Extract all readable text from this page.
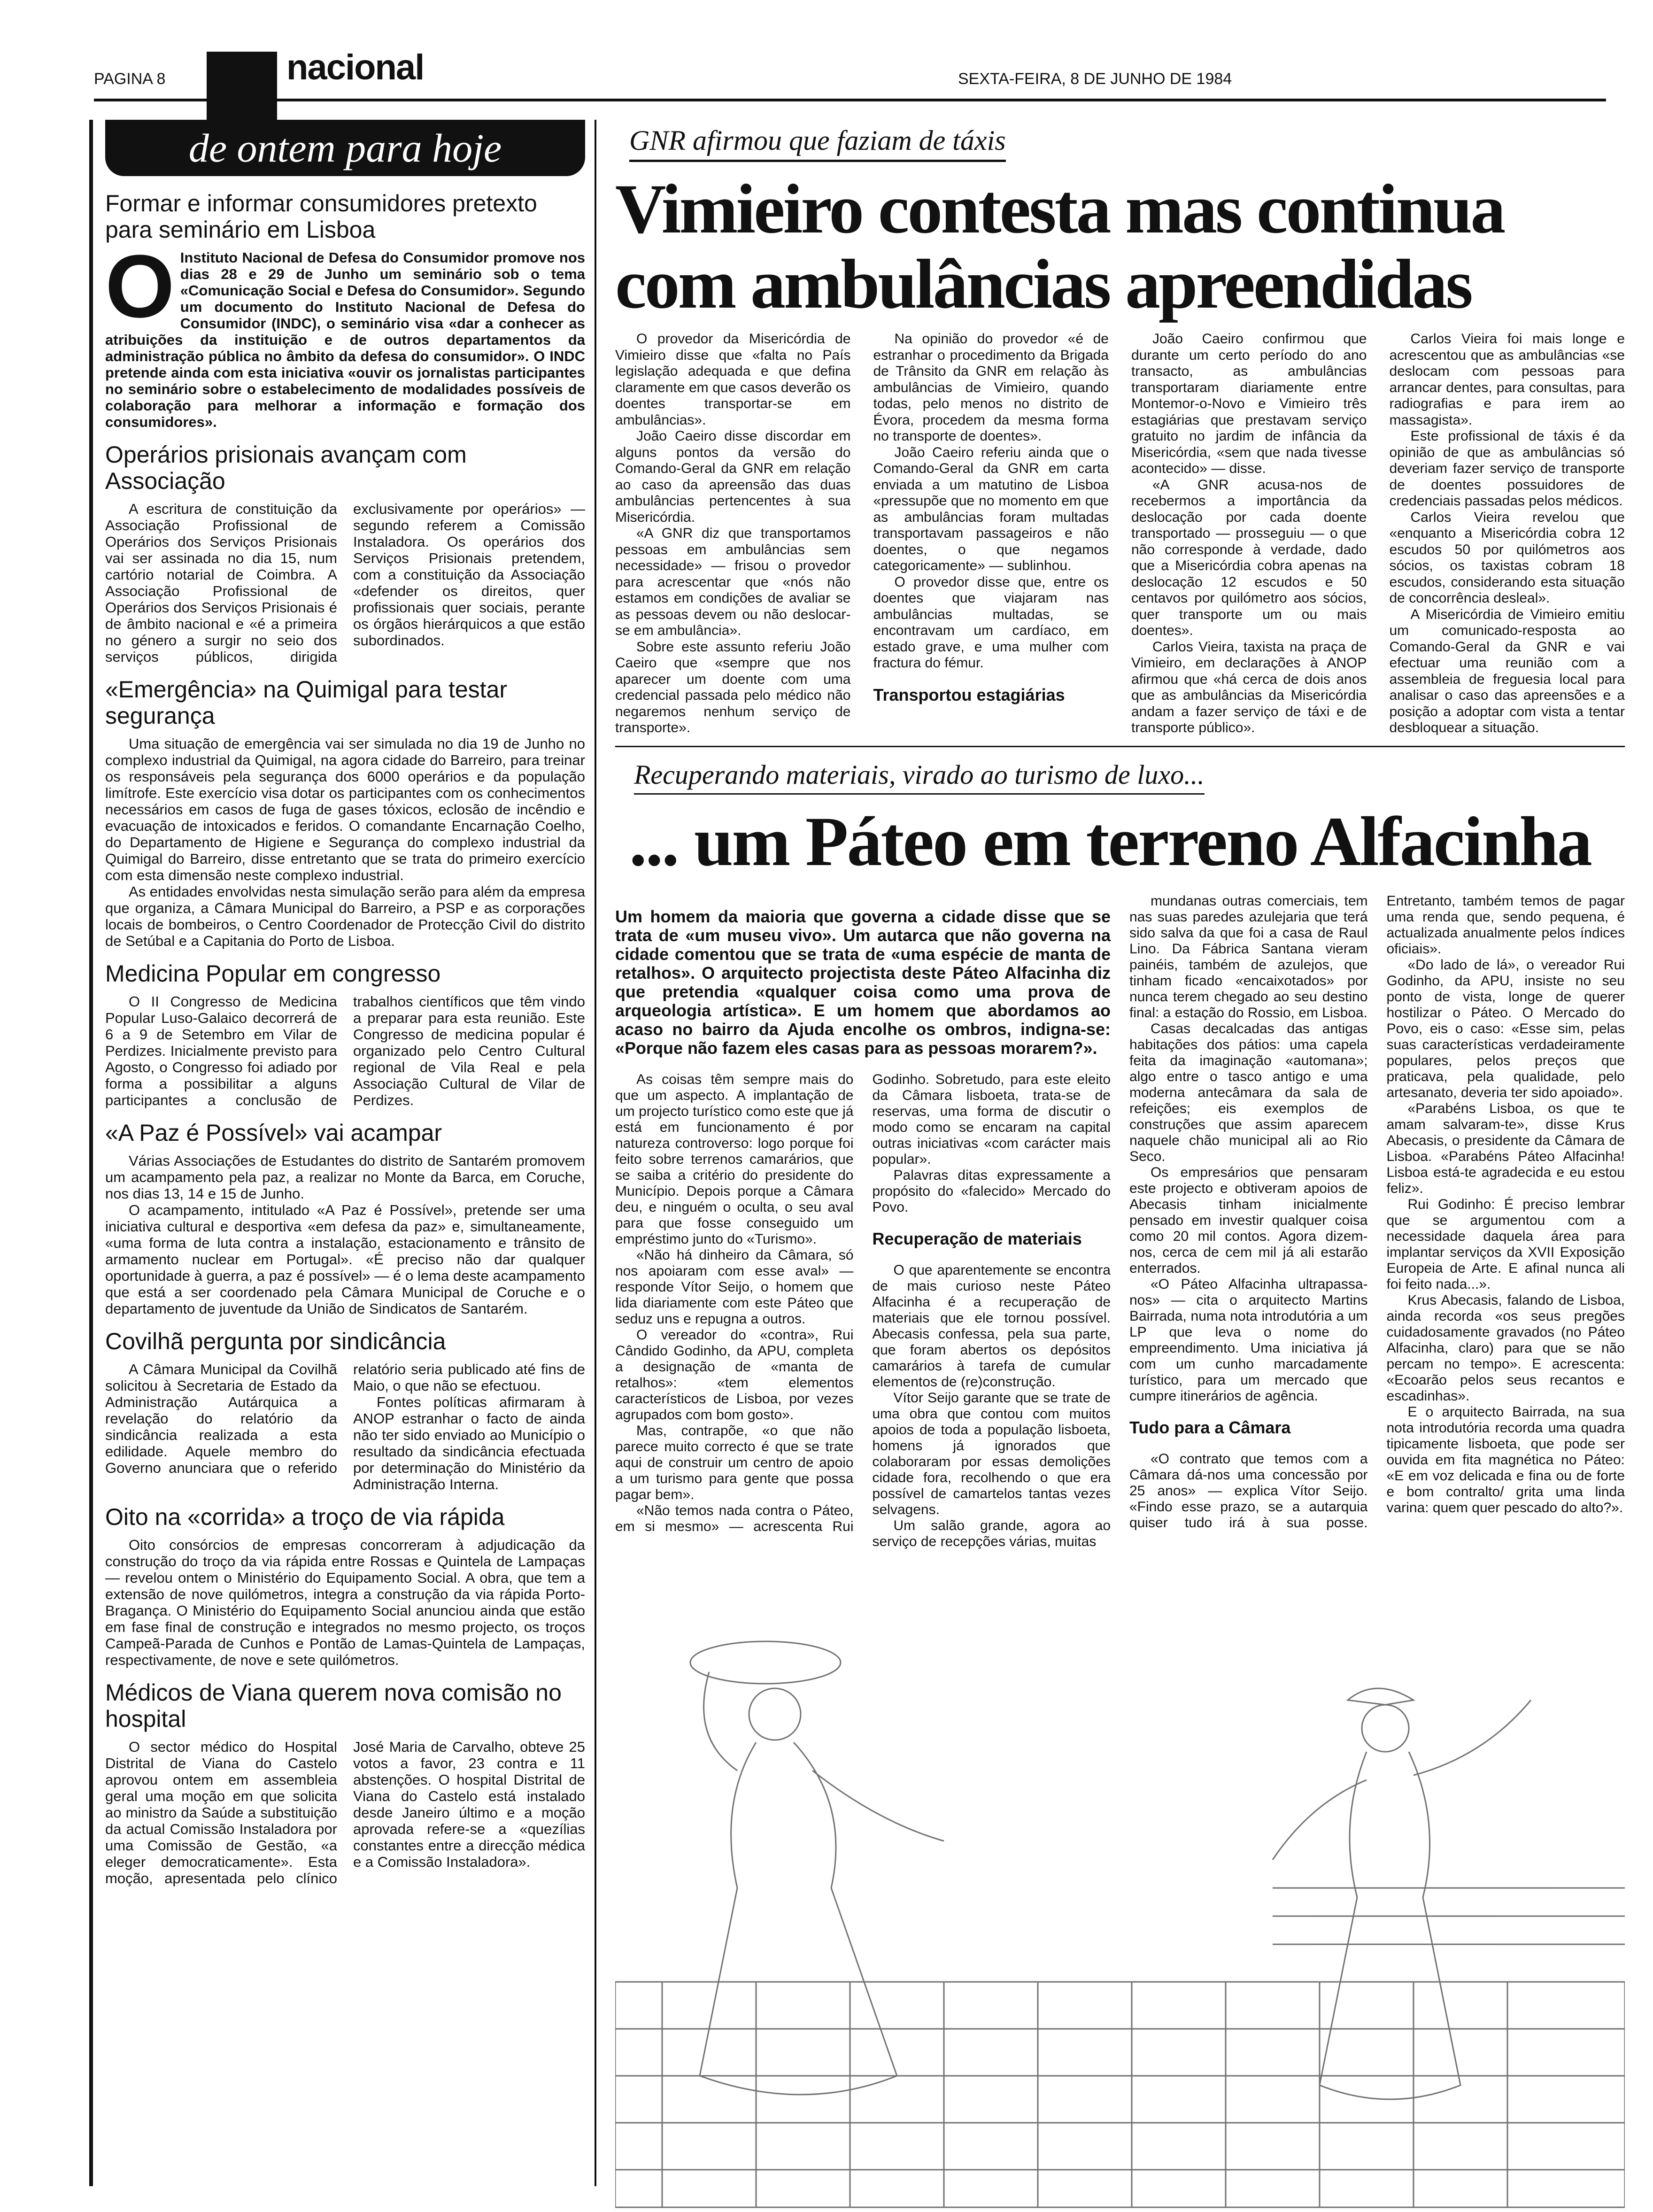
PAGINA 8	nacional	SEXTA-FEIRA, 8 DE JUNHO DE 1984
de ontem para hoje
Formar e informar consumidores pretexto para seminário em Lisboa
O Instituto Nacional de Defesa do Consumidor promove nos dias 28 e 29 de Junho um seminário sob o tema «Comunicação Social e Defesa do Consumidor». Segundo um documento do Instituto Nacional de Defesa do Consumidor (INDC), o seminário visa «dar a conhecer as atribuições da instituição e de outros departamentos da administração pública no âmbito da defesa do consumidor». O INDC pretende ainda com esta iniciativa «ouvir os jornalistas participantes no seminário sobre o estabelecimento de modalidades possíveis de colaboração para melhorar a informação e formação dos consumidores».

Operários prisionais avançam com Associação

A escritura de constituição da Associação Profissional de Operários dos Serviços Prisionais vai ser assinada no dia 15, num cartório notarial de Coimbra. A Associação Profissional de Operários dos Serviços Prisionais é de âmbito nacional e «é a primeira no género a surgir no seio dos serviços públicos, dirigida exclusivamente por operários» — segundo referem a Comissão Instaladora. Os operários dos Serviços Prisionais pretendem, com a constituição da Associação «defender os direitos, quer profissionais quer sociais, perante os órgãos hierárquicos a que estão subordinados.

«Emergência» na Quimigal para testar segurança

Uma situação de emergência vai ser simulada no dia 19 de Junho no complexo industrial da Quimigal, na agora cidade do Barreiro, para treinar os responsáveis pela segurança dos 6000 operários e da população limítrofe. Este exercício visa dotar os participantes com os conhecimentos necessários em casos de fuga de gases tóxicos, eclosão de incêndio e evacuação de intoxicados e feridos. O comandante Encarnação Coelho, do Departamento de Higiene e Segurança do complexo industrial da Quimigal do Barreiro, disse entretanto que se trata do primeiro exercício com esta dimensão neste complexo industrial.

As entidades envolvidas nesta simulação serão para além da empresa que organiza, a Câmara Municipal do Barreiro, a PSP e as corporações locais de bombeiros, o Centro Coordenador de Protecção Civil do distrito de Setúbal e a Capitania do Porto de Lisboa.

Medicina Popular em congresso

O II Congresso de Medicina Popular Luso-Galaico decorrerá de 6 a 9 de Setembro em Vilar de Perdizes. Inicialmente previsto para Agosto, o Congresso foi adiado por forma a possibilitar a alguns participantes a conclusão de trabalhos científicos que têm vindo a preparar para esta reunião. Este Congresso de medicina popular é organizado pelo Centro Cultural regional de Vila Real e pela Associação Cultural de Vilar de Perdizes.

«A Paz é Possível» vai acampar

Várias Associações de Estudantes do distrito de Santarém promovem um acampamento pela paz, a realizar no Monte da Barca, em Coruche, nos dias 13, 14 e 15 de Junho.

O acampamento, intitulado «A Paz é Possível», pretende ser uma iniciativa cultural e desportiva «em defesa da paz» e, simultaneamente, «uma forma de luta contra a instalação, estacionamento e trânsito de armamento nuclear em Portugal». «É preciso não dar qualquer oportunidade à guerra, a paz é possível» — é o lema deste acampamento que está a ser coordenado pela Câmara Municipal de Coruche e o departamento de juventude da União de Sindicatos de Santarém.

Covilhã pergunta por sindicância

A Câmara Municipal da Covilhã solicitou à Secretaria de Estado da Administração Autárquica a revelação do relatório da sindicância realizada a esta edilidade. Aquele membro do Governo anunciara que o referido relatório seria publicado até fins de Maio, o que não se efectuou.

Fontes políticas afirmaram à ANOP estranhar o facto de ainda não ter sido enviado ao Município o resultado da sindicância efectuada por determinação do Ministério da Administração Interna.

Oito na «corrida» a troço de via rápida

Oito consórcios de empresas concorreram à adjudicação da construção do troço da via rápida entre Rossas e Quintela de Lampaças — revelou ontem o Ministério do Equipamento Social. A obra, que tem a extensão de nove quilómetros, integra a construção da via rápida Porto-Bragança. O Ministério do Equipamento Social anunciou ainda que estão em fase final de construção e integrados no mesmo projecto, os troços Campeã-Parada de Cunhos e Pontão de Lamas-Quintela de Lampaças, respectivamente, de nove e sete quilómetros.

Médicos de Viana querem nova comisão no hospital

O sector médico do Hospital Distrital de Viana do Castelo aprovou ontem em assembleia geral uma moção em que solicita ao ministro da Saúde a substituição da actual Comissão Instaladora por uma Comissão de Gestão, «a eleger democraticamente». Esta moção, apresentada pelo clínico José Maria de Carvalho, obteve 25 votos a favor, 23 contra e 11 abstenções. O hospital Distrital de Viana do Castelo está instalado desde Janeiro último e a moção aprovada refere-se a «quezílias constantes entre a direcção médica e a Comissão Instaladora».

GNR afirmou que faziam de táxis
Vimieiro contesta mas continua com ambulâncias apreendidas

O provedor da Misericórdia de Vimieiro disse que «falta no País legislação adequada e que defina claramente em que casos deverão os doentes transportar-se em ambulâncias».

João Caeiro disse discordar em alguns pontos da versão do Comando-Geral da GNR em relação ao caso da apreensão das duas ambulâncias pertencentes à sua Misericórdia.

«A GNR diz que transportamos pessoas em ambulâncias sem necessidade» — frisou o provedor para acrescentar que «nós não estamos em condições de avaliar se as pessoas devem ou não deslocar-se em ambulância».

Sobre este assunto referiu João Caeiro que «sempre que nos aparecer um doente com uma credencial passada pelo médico não negaremos nenhum serviço de transporte».

Na opinião do provedor «é de estranhar o procedimento da Brigada de Trânsito da GNR em relação às ambulâncias de Vimieiro, quando todas, pelo menos no distrito de Évora, procedem da mesma forma no transporte de doentes».

João Caeiro referiu ainda que o Comando-Geral da GNR em carta enviada a um matutino de Lisboa «pressupõe que no momento em que as ambulâncias foram multadas transportavam passageiros e não doentes, o que negamos categoricamente» — sublinhou.

O provedor disse que, entre os doentes que viajaram nas ambulâncias multadas, se encontravam um cardíaco, em estado grave, e uma mulher com fractura do fémur.

Transportou estagiárias

João Caeiro confirmou que durante um certo período do ano transacto, as ambulâncias transportaram diariamente entre Montemor-o-Novo e Vimieiro três estagiárias que prestavam serviço gratuito no jardim de infância da Misericórdia, «sem que nada tivesse acontecido» — disse.

«A GNR acusa-nos de recebermos a importância da deslocação por cada doente transportado — prosseguiu — o que não corresponde à verdade, dado que a Misericórdia cobra apenas na deslocação 12 escudos e 50 centavos por quilómetro aos sócios, quer transporte um ou mais doentes».

Carlos Vieira, taxista na praça de Vimieiro, em declarações à ANOP afirmou que «há cerca de dois anos que as ambulâncias da Misericórdia andam a fazer serviço de táxi e de transporte público».

Carlos Vieira foi mais longe e acrescentou que as ambulâncias «se deslocam com pessoas para arrancar dentes, para consultas, para radiografias e para irem ao massagista».

Este profissional de táxis é da opinião de que as ambulâncias só deveriam fazer serviço de transporte de doentes possuidores de credenciais passadas pelos médicos.

Carlos Vieira revelou que «enquanto a Misericórdia cobra 12 escudos 50 por quilómetros aos sócios, os taxistas cobram 18 escudos, considerando esta situação de concorrência desleal».

A Misericórdia de Vimieiro emitiu um comunicado-resposta ao Comando-Geral da GNR e vai efectuar uma reunião com a assembleia de freguesia local para analisar o caso das apreensões e a posição a adoptar com vista a tentar desbloquear a situação.

Recuperando materiais, virado ao turismo de luxo...
... um Páteo em terreno Alfacinha

Um homem da maioria que governa a cidade disse que se trata de «um museu vivo». Um autarca que não governa na cidade comentou que se trata de «uma espécie de manta de retalhos». O arquitecto projectista deste Páteo Alfacinha diz que pretendia «qualquer coisa como uma prova de arqueologia artística». E um homem que abordamos ao acaso no bairro da Ajuda encolhe os ombros, indigna-se: «Porque não fazem eles casas para as pessoas morarem?».

As coisas têm sempre mais do que um aspecto. A implantação de um projecto turístico como este que já está em funcionamento é por natureza controverso: logo porque foi feito sobre terrenos camarários, que se saiba a critério do presidente do Município. Depois porque a Câmara deu, e ninguém o oculta, o seu aval para que fosse conseguido um empréstimo junto do «Turismo».

«Não há dinheiro da Câmara, só nos apoiaram com esse aval» — responde Vítor Seijo, o homem que lida diariamente com este Páteo que seduz uns e repugna a outros.

O vereador do «contra», Rui Cândido Godinho, da APU, completa a designação de «manta de retalhos»: «tem elementos característicos de Lisboa, por vezes agrupados com bom gosto».

Mas, contrapõe, «o que não parece muito correcto é que se trate aqui de construir um centro de apoio a um turismo para gente que possa pagar bem».

«Não temos nada contra o Páteo, em si mesmo» — acrescenta Rui Godinho. Sobretudo, para este eleito da Câmara lisboeta, trata-se de reservas, uma forma de discutir o modo como se encaram na capital outras iniciativas «com carácter mais popular».

Palavras ditas expressamente a propósito do «falecido» Mercado do Povo.

Recuperação de materiais

O que aparentemente se encontra de mais curioso neste Páteo Alfacinha é a recuperação de materiais que ele tornou possível. Abecasis confessa, pela sua parte, que foram abertos os depósitos camarários à tarefa de cumular elementos de (re)construção.

Vítor Seijo garante que se trate de uma obra que contou com muitos apoios de toda a população lisboeta, homens já ignorados que colaboraram por essas demolições cidade fora, recolhendo o que era possível de camartelos tantas vezes selvagens.

Um salão grande, agora ao serviço de recepções várias, muitas

mundanas outras comerciais, tem nas suas paredes azulejaria que terá sido salva da que foi a casa de Raul Lino. Da Fábrica Santana vieram painéis, também de azulejos, que tinham ficado «encaixotados» por nunca terem chegado ao seu destino final: a estação do Rossio, em Lisboa.

Casas decalcadas das antigas habitações dos pátios: uma capela feita da imaginação «automana»; algo entre o tasco antigo e uma moderna antecâmara da sala de refeições; eis exemplos de construções que assim aparecem naquele chão municipal ali ao Rio Seco.

Os empresários que pensaram este projecto e obtiveram apoios de Abecasis tinham inicialmente pensado em investir qualquer coisa como 20 mil contos. Agora dizem-nos, cerca de cem mil já ali estarão enterrados.

«O Páteo Alfacinha ultrapassa-nos» — cita o arquitecto Martins Bairrada, numa nota introdutória a um LP que leva o nome do empreendimento. Uma iniciativa já com um cunho marcadamente turístico, para um mercado que cumpre itinerários de agência.

Tudo para a Câmara

«O contrato que temos com a Câmara dá-nos uma concessão por 25 anos» — explica Vítor Seijo. «Findo esse prazo, se a autarquia quiser tudo irá à sua posse. Entretanto, também temos de pagar uma renda que, sendo pequena, é actualizada anualmente pelos índices oficiais».

«Do lado de lá», o vereador Rui Godinho, da APU, insiste no seu ponto de vista, longe de querer hostilizar o Páteo. O Mercado do Povo, eis o caso: «Esse sim, pelas suas características verdadeiramente populares, pelos preços que praticava, pela qualidade, pelo artesanato, deveria ter sido apoiado».

«Parabéns Lisboa, os que te amam salvaram-te», disse Krus Abecasis, o presidente da Câmara de Lisboa. «Parabéns Páteo Alfacinha! Lisboa está-te agradecida e eu estou feliz».

Rui Godinho: É preciso lembrar que se argumentou com a necessidade daquela área para implantar serviços da XVII Exposição Europeia de Arte. E afinal nunca ali foi feito nada...».

Krus Abecasis, falando de Lisboa, ainda recorda «os seus pregões cuidadosamente gravados (no Páteo Alfacinha, claro) para que se não percam no tempo». E acrescenta: «Ecoarão pelos seus recantos e escadinhas».

E o arquitecto Bairrada, na sua nota introdutória recorda uma quadra tipicamente lisboeta, que pode ser ouvida em fita magnética no Páteo: «E em voz delicada e fina ou de forte e bom contralto/ grita uma linda varina: quem quer pescado do alto?».
